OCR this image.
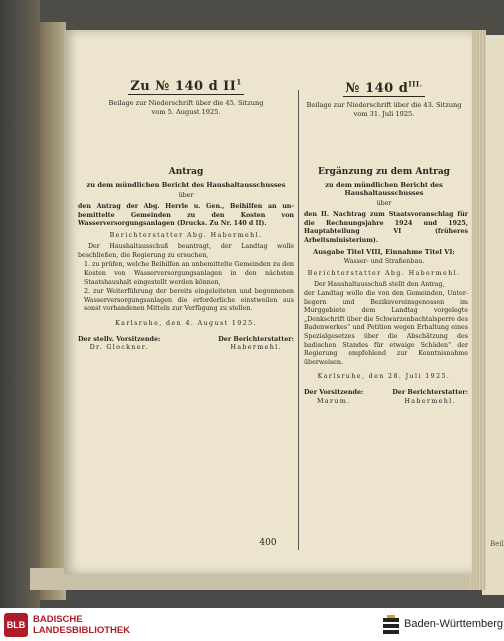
Beil
Zu № 140 d $II^1$
Beilage zur Niederschrift über die 45. Sitzung
vom 5. August 1925.
Antrag
zu dem mündlichen Bericht des Haushaltausschusses
über
den Antrag der Abg. Herrle u. Gen., Beihilfen an unbemittelte Gemeinden zu den Kosten von Wasserversorgungsanlagen (Drucks. Zu Nr. 140 d II).
Berichterstatter Abg. Habermehl.
Der Haushaltausschuß beantragt, der Landtag wolle beschließen, die Regierung zu ersuchen,
1. zu prüfen, welche Beihilfen an unbemittelte Gemeinden zu den Kosten von Wasserversorgungsanlagen in den nächsten Staatshaushalt eingestellt werden können,
2. zur Weiterführung der bereits eingeleiteten und begonnenen Wasserversorgungsanlagen die erforderliche einstweilen aus sonst vorhandenen Mitteln zur Verfügung zu stellen.
Karlsruhe, den 4. August 1925.
Der stellv. Vorsitzende:
Dr. Glockner.
Der Berichterstatter:
Habermehl.
№ 140 $d^{III.}$
Beilage zur Niederschrift über die 43. Sitzung
vom 31. Juli 1925.
Ergänzung zu dem Antrag
zu dem mündlichen Bericht des Haushaltausschusses
über
den II. Nachtrag zum Staatsvoranschlag für die Rechnungsjahre 1924 und 1925, Hauptabteilung VI (früheres Arbeitsministerium).
Ausgabe Titel VIII, Einnahme Titel VI:
Wasser- und Straßenbau.
Berichterstatter Abg. Habermehl.
Der Haushaltausschuß stellt den Antrag,
der Landtag wolle die von den Gemeinden, Unterliegern und Beziksvereinsgenossen im Murggebiete dem Landtag vorgelegte „Denkschrift über die Schwarzenbachtalsperre des Badenwerkes“ und Petition wegen Erhaltung eines Spezialgesetzes über die Abschätzung des badischen Standes für etwaige Schäden“ der Regierung empfehlend zur Kenntnisnahme überweisen.
Karlsruhe, den 28. Juli 1925.
Der Vorsitzende:
Marum.
Der Berichterstatter:
Habermehl.
400
BLB BADISCHE
LANDESBIBLIOTHEK
Baden-Württemberg
